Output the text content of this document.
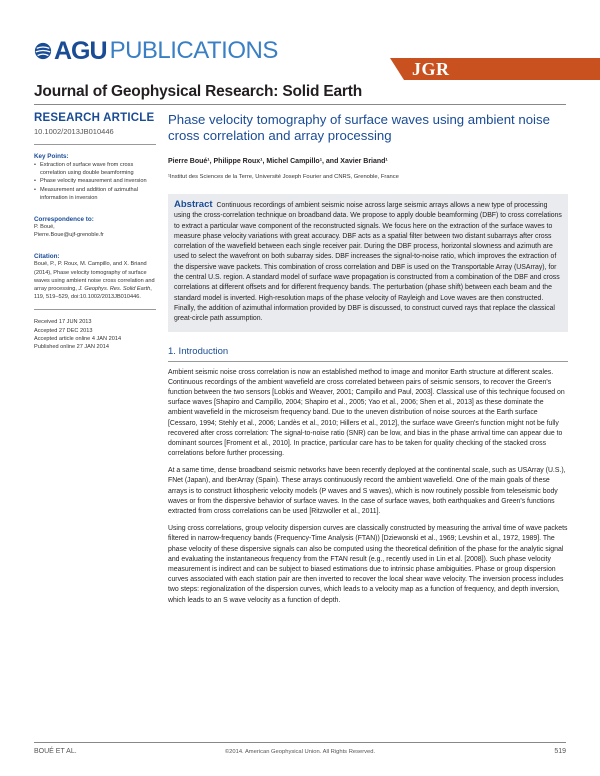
AGU PUBLICATIONS
JGR
Journal of Geophysical Research: Solid Earth
RESEARCH ARTICLE
10.1002/2013JB010446
Key Points:
• Extraction of surface wave from cross correlation using double beamforming
• Phase velocity measurement and inversion
• Measurement and addition of azimuthal information in inversion
Correspondence to:
P. Boué,
Pierre.Boue@ujf-grenoble.fr
Citation:
Boué, P., P. Roux, M. Campillo, and X. Briand (2014), Phase velocity tomography of surface waves using ambient noise cross correlation and array processing, J. Geophys. Res. Solid Earth, 119, 519–529, doi:10.1002/2013JB010446.
Received 17 JUN 2013
Accepted 27 DEC 2013
Accepted article online 4 JAN 2014
Published online 27 JAN 2014
Phase velocity tomography of surface waves using ambient noise cross correlation and array processing
Pierre Boué¹, Philippe Roux¹, Michel Campillo¹, and Xavier Briand¹
¹Institut des Sciences de la Terre, Université Joseph Fourier and CNRS, Grenoble, France
Abstract Continuous recordings of ambient seismic noise across large seismic arrays allows a new type of processing using the cross-correlation technique on broadband data. We propose to apply double beamforming (DBF) to cross correlations to extract a particular wave component of the reconstructed signals. We focus here on the extraction of the surface waves to measure phase velocity variations with great accuracy. DBF acts as a spatial filter between two distant subarrays after cross correlation of the wavefield between each single receiver pair. During the DBF process, horizontal slowness and azimuth are used to select the wavefront on both subarray sides. DBF increases the signal-to-noise ratio, which improves the extraction of the dispersive wave packets. This combination of cross correlation and DBF is used on the Transportable Array (USArray), for the central U.S. region. A standard model of surface wave propagation is constructed from a combination of the DBF and cross correlations at different offsets and for different frequency bands. The perturbation (phase shift) between each beam and the standard model is inverted. High-resolution maps of the phase velocity of Rayleigh and Love waves are then constructed. Finally, the addition of azimuthal information provided by DBF is discussed, to construct curved rays that replace the classical great-circle path assumption.
1. Introduction

Ambient seismic noise cross correlation is now an established method to image and monitor Earth structure at different scales. Continuous recordings of the ambient wavefield are cross correlated between pairs of seismic sensors, to recover the Green's function between the two sensors [Lobkis and Weaver, 2001; Campillo and Paul, 2003]. Classical use of this technique focused on surface waves [Shapiro and Campillo, 2004; Shapiro et al., 2005; Yao et al., 2006; Shen et al., 2013] as these dominate the ambient wavefield in the microseism frequency band. Due to the uneven distribution of noise sources at the Earth surface [Cessaro, 1994; Stehly et al., 2006; Landès et al., 2010; Hillers et al., 2012], the surface wave Green's function might not be fully recovered after cross correlation: The signal-to-noise ratio (SNR) can be low, and bias in the phase arrival time can appear due to dominant sources [Froment et al., 2010]. In practice, particular care has to be taken for quality checking of the stacked cross correlations before further processing.

At a same time, dense broadband seismic networks have been recently deployed at the continental scale, such as USArray (U.S.), FNet (Japan), and IberArray (Spain). These arrays continuously record the ambient wavefield. One of the main goals of these arrays is to construct lithospheric velocity models (P waves and S waves), which is now routinely possible from teleseismic body waves or from the dispersive behavior of surface waves. In the case of surface waves, both earthquakes and Green's functions extracted from cross correlations can be used [Ritzwoller et al., 2011].

Using cross correlations, group velocity dispersion curves are classically constructed by measuring the arrival time of wave packets filtered in narrow-frequency bands (Frequency-Time Analysis (FTAN)) [Dziewonski et al., 1969; Levshin et al., 1972, 1989]. The phase velocity of these dispersive signals can also be computed using the theoretical definition of the phase for the analytic signal and evaluating the instantaneous frequency from the FTAN result (e.g., recently used in Lin et al. [2008]). Such phase velocity measurement is indirect and can be subject to biased estimations due to intrinsic phase ambiguities. Phase or group dispersion curves associated with each station pair are then inverted to recover the local shear wave velocity. The inversion process includes two steps: regionalization of the dispersion curves, which leads to a velocity map as a function of frequency, and depth inversion, which leads to an S wave velocity as a function of depth.

BOUÉ ET AL.	©2014. American Geophysical Union. All Rights Reserved.	519
